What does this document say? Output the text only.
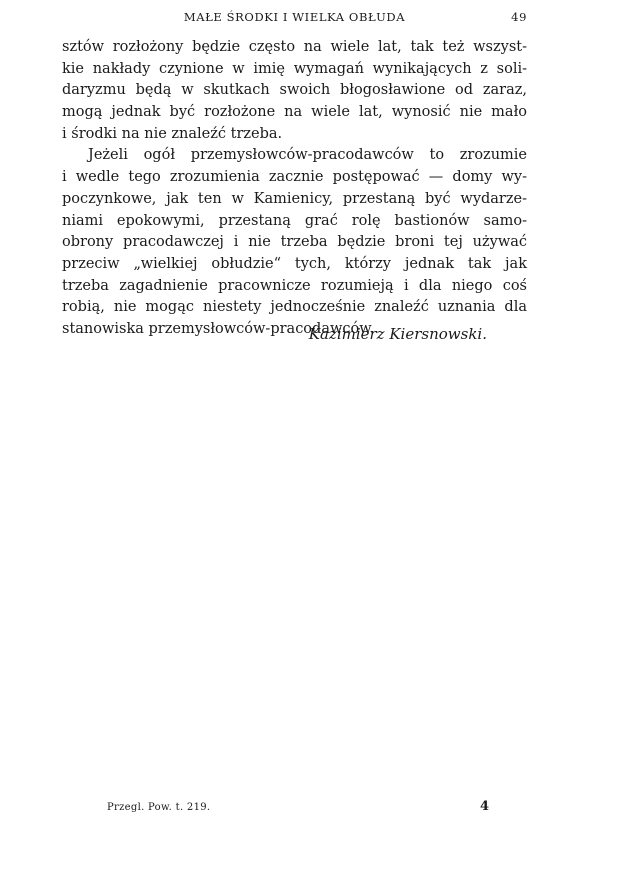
MAŁE ŚRODKI I WIELKA OBŁUDA	49

sztów rozłożony będzie często na wiele lat, tak też wszyst-
kie nakłady czynione w imię wymagań wynikających z soli-
daryzmu będą w skutkach swoich błogosławione od zaraz,
mogą jednak być rozłożone na wiele lat, wynosić nie mało
i środki na nie znaleźć trzeba.

Jeżeli ogół przemysłowców-pracodawców to zrozumie
i wedle tego zrozumienia zacznie postępować — domy wy-
poczynkowe, jak ten w Kamienicy, przestaną być wydarze-
niami epokowymi, przestaną grać rolę bastionów samo-
obrony pracodawczej i nie trzeba będzie broni tej używać
przeciw „wielkiej obłudzie“ tych, którzy jednak tak jak
trzeba zagadnienie pracownicze rozumieją i dla niego coś
robią, nie mogąc niestety jednocześnie znaleźć uznania dla
stanowiska przemysłowców-pracodawców.

Kazimierz Kiersnowski.
Przegl. Pow. t. 219.	4
